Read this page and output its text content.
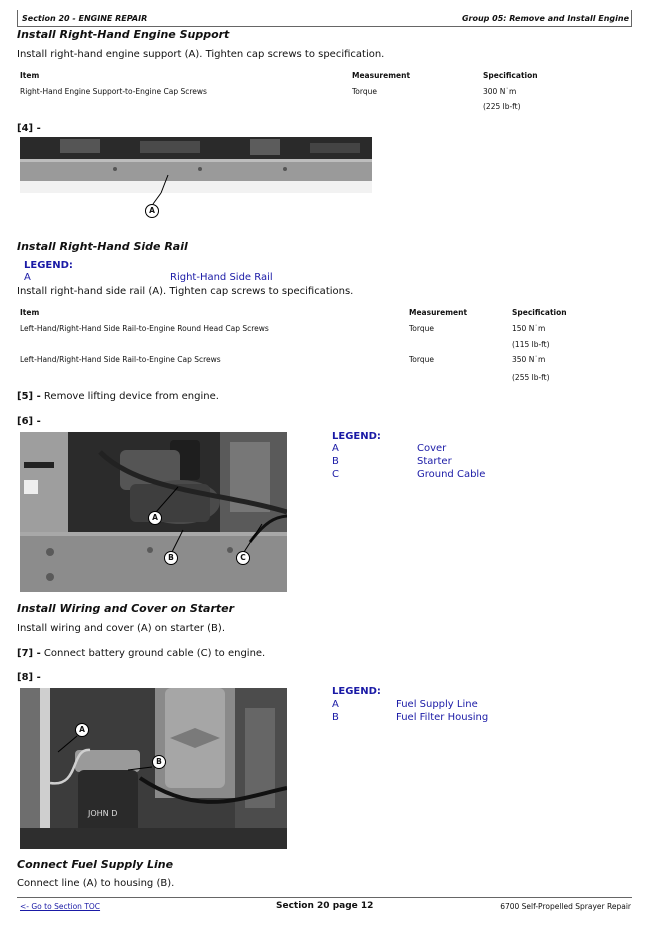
Section 20 - ENGINE REPAIR	Group 05: Remove and Install Engine
Install Right-Hand Engine Support
Install right-hand engine support (A). Tighten cap screws to specification.
Item	Measurement	Specification
Right-Hand Engine Support-to-Engine Cap Screws	Torque	300 N˙m
(225 lb-ft)
[4] -
A
Install Right-Hand Side Rail
LEGEND:
A	Right-Hand Side Rail
Install right-hand side rail (A). Tighten cap screws to specifications.
Item	Measurement	Specification
Left-Hand/Right-Hand Side Rail-to-Engine Round Head Cap Screws	Torque	150 N˙m
(115 lb-ft)
Left-Hand/Right-Hand Side Rail-to-Engine Cap Screws	Torque	350 N˙m
(255 lb-ft)
[5] - Remove lifting device from engine.
[6] -
A
B	C
LEGEND:
A	Cover
B	Starter
C	Ground Cable
Install Wiring and Cover on Starter
Install wiring and cover (A) on starter (B).
[7] - Connect battery ground cable (C) to engine.
[8] -
JOHN D
A
B
LEGEND:
A	Fuel Supply Line
B	Fuel Filter Housing
Connect Fuel Supply Line
Connect line (A) to housing (B).
<- Go to Section TOC	Section 20 page 12	6700 Self-Propelled Sprayer Repair
